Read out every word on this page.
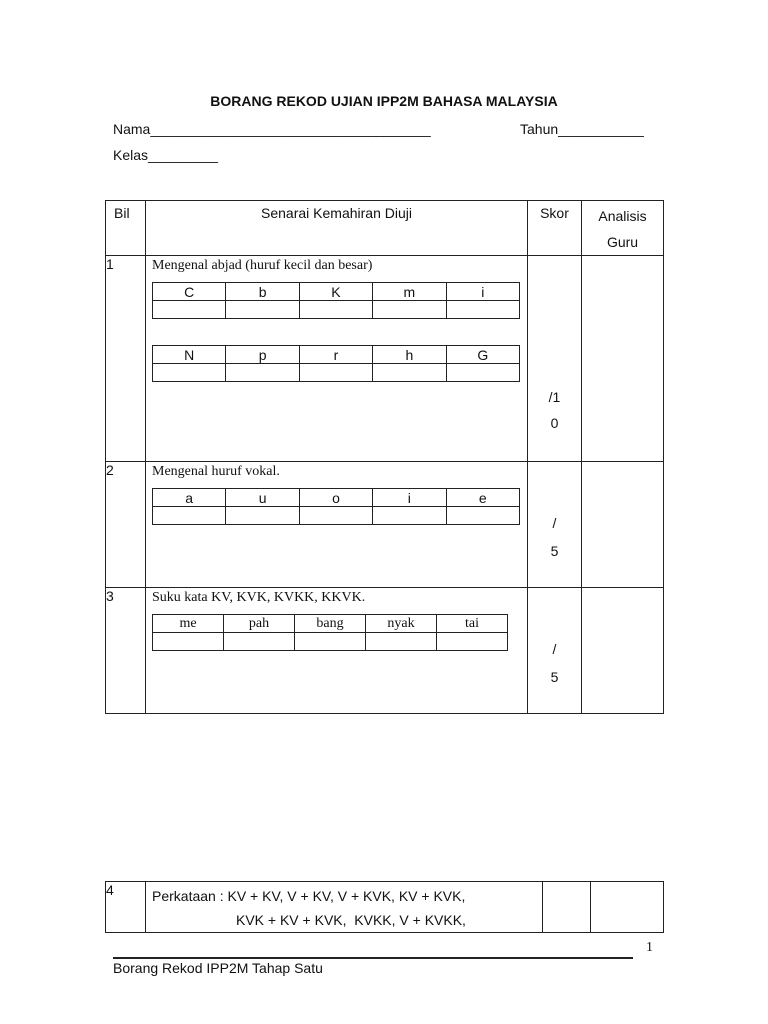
BORANG REKOD UJIAN IPP2M BAHASA MALAYSIA
Nama____________________________________	Tahun___________
Kelas_________
Bil	Senarai Kemahiran Diuji	Skor	Analisis
Guru

1	Mengenal abjad (huruf kecil dan besar)
C	b	K	m	i

N	p	r	h	G

/1
0

2	Mengenal huruf vokal.
a	u	o	i	e

/
5

3	Suku kata KV, KVK, KVKK, KKVK.
me	pah	bang	nyak	tai

/
5

4	Perkataan : KV + KV, V + KV, V + KVK, KV + KVK,
KVK + KV + KVK,  KVKK, V + KVKK,

1
Borang Rekod IPP2M Tahap Satu
